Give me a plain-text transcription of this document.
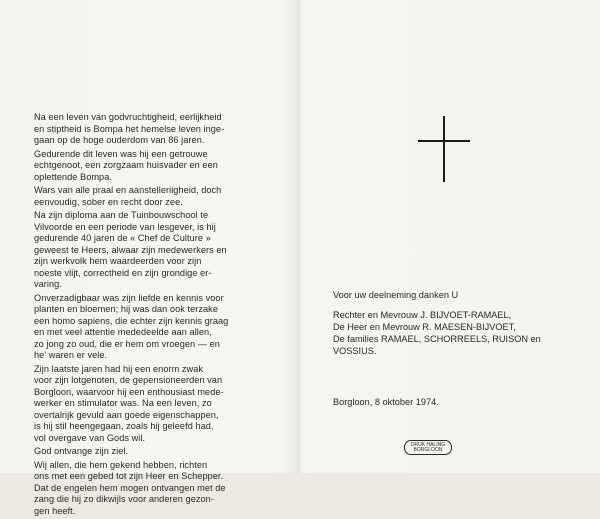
Na een leven van godvruchtigheid, eerlijkheid
en stiptheid is Bompa het hemelse leven inge-
gaan op de hoge ouderdom van 86 jaren.
Gedurende dit leven was hij een getrouwe
echtgenoot, een zorgzaam huisvader en een
oplettende Bompa.
Wars van alle praal en aanstelleriigheid, doch
eenvoudig, sober en recht door zee.
Na zijn diploma aan de Tuinbouwschool te
Vilvoorde en een periode van lesgever, is hij
gedurende 40 jaren de « Chef de Culture »
geweest te Heers, alwaar zijn medewerkers en
zijn werkvolk hem waardeerden voor zijn
noeste vlijt, correctheid en zijn grondige er-
varing.
Onverzadigbaar was zijn liefde en kennis voor
planten en bloemen; hij was dan ook terzake
een homo sapiens, die echter zijn kennis graag
en met veel attentie mededeelde aan allen,
zo jong zo oud, die er hem om vroegen — en
he' waren er vele.
Zijn laatste jaren had hij een enorm zwak
voor zijn lotgenoten, de gepensioneerden van
Borgloon, waarvoor hij een enthousiast mede-
werker en stimulator was. Na een leven, zo
overtalrijk gevuld aan goede eigenschappen,
is hij stil heengegaan, zoals hij geleefd had,
vol overgave van Gods wil.
God ontvange zijn ziel.
Wij allen, die hem gekend hebben, richten
ons met een gebed tot zijn Heer en Schepper.
Dat de engelen hem mogen ontvangen met de
zang die hij zo dikwijls voor anderen gezon-
gen heeft.
Voor uw deelneming danken U
Rechter en Mevrouw J. BIJVOET-RAMAEL,
De Heer en Mevrouw R. MAESEN-BIJVOET,
De families RAMAEL, SCHORREELS, RUISON en
VOSSIUS.
Borgloon, 8 oktober 1974.
DRUK HALING
BORGLOON
